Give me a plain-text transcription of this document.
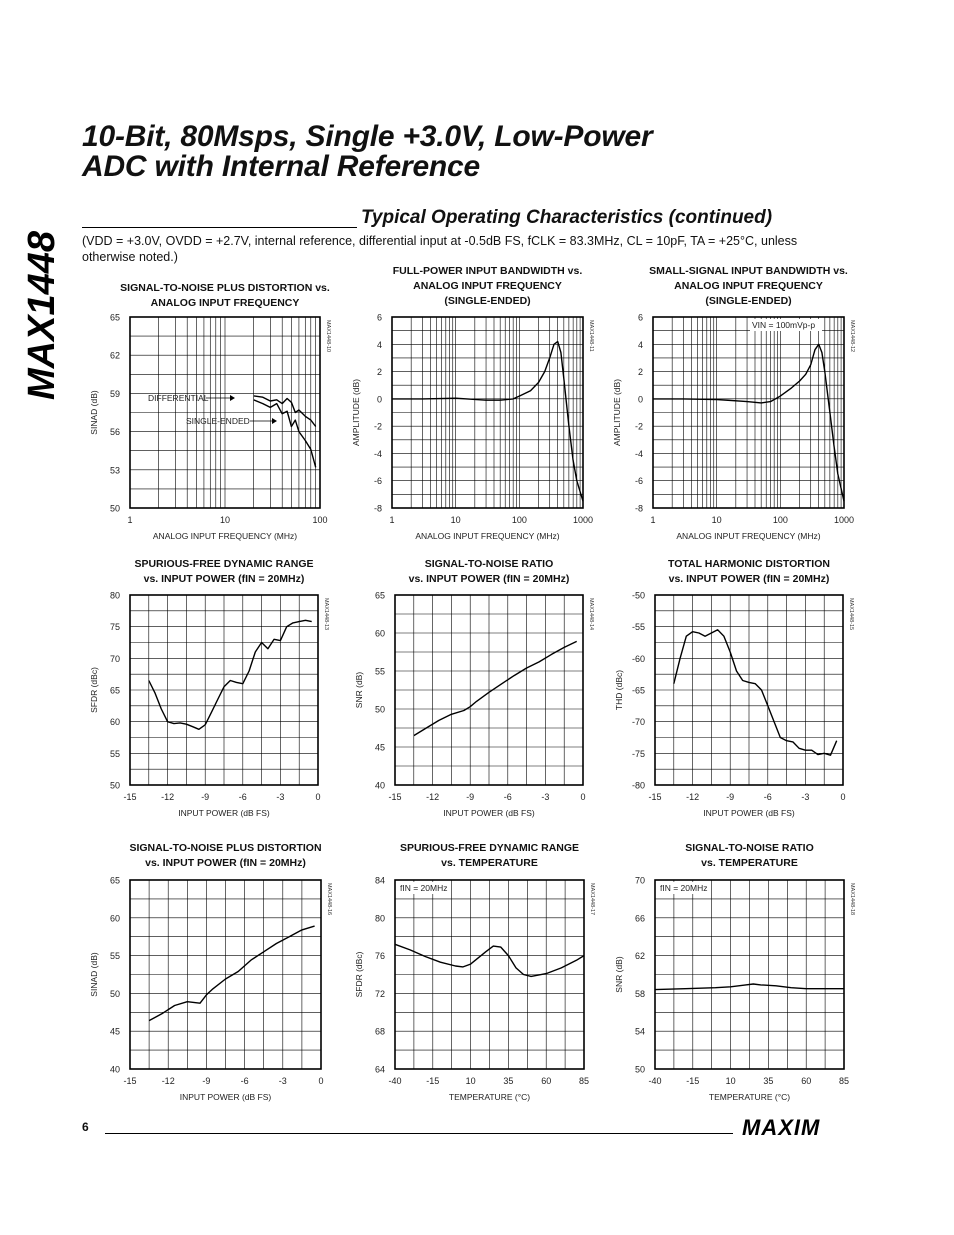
MAX1448
10-Bit, 80Msps, Single +3.0V, Low-Power
ADC with Internal Reference
Typical Operating Characteristics (continued)
(VDD = +3.0V, OVDD = +2.7V, internal reference, differential input at -0.5dB FS, fCLK = 83.3MHz, CL = 10pF, TA = +25°C, unless otherwise noted.)
SIGNAL-TO-NOISE PLUS DISTORTION vs.
ANALOG INPUT FREQUENCY
50
53
56
59
62
65
1	10	100
ANALOG INPUT FREQUENCY (MHz)
SINAD (dB)
MAX1448-10
DIFFERENTIAL
SINGLE-ENDED
FULL-POWER INPUT BANDWIDTH vs.
ANALOG INPUT FREQUENCY
(SINGLE-ENDED)
-8
-6
-4
-2
0
2
4
6
1	10	100	1000
ANALOG INPUT FREQUENCY (MHz)
AMPLITUDE (dB)
MAX1448-11
SMALL-SIGNAL INPUT BANDWIDTH vs.
ANALOG INPUT FREQUENCY
(SINGLE-ENDED)
-8
-6
-4
-2
0
2
4
6
1	10	100	1000
ANALOG INPUT FREQUENCY (MHz)
AMPLITUDE (dB)
MAX1448-12
VIN = 100mVp-p
SPURIOUS-FREE DYNAMIC RANGE
vs. INPUT POWER (fIN = 20MHz)
50
55
60
65
70
75
80
-15	-12	-9	-6	-3	0
INPUT POWER (dB FS)
SFDR (dBc)
MAX1448-13
SIGNAL-TO-NOISE RATIO
vs. INPUT POWER (fIN = 20MHz)
40
45
50
55
60
65
-15	-12	-9	-6	-3	0
INPUT POWER (dB FS)
SNR (dB)
MAX1448-14
TOTAL HARMONIC DISTORTION
vs. INPUT POWER (fIN = 20MHz)
-80
-75
-70
-65
-60
-55
-50
-15	-12	-9	-6	-3	0
INPUT POWER (dB FS)
THD (dBc)
MAX1448-15
SIGNAL-TO-NOISE PLUS DISTORTION
vs. INPUT POWER (fIN = 20MHz)
40
45
50
55
60
65
-15	-12	-9	-6	-3	0
INPUT POWER (dB FS)
SINAD (dB)
MAX1448-16
SPURIOUS-FREE DYNAMIC RANGE
vs. TEMPERATURE
64
68
72
76
80
84
-40	-15	10	35	60	85
TEMPERATURE (°C)
SFDR (dBc)
MAX1448-17
fIN = 20MHz
SIGNAL-TO-NOISE RATIO
vs. TEMPERATURE
50
54
58
62
66
70
-40	-15	10	35	60	85
TEMPERATURE (°C)
SNR (dB)
MAX1448-18
fIN = 20MHz
6	MAXIM
